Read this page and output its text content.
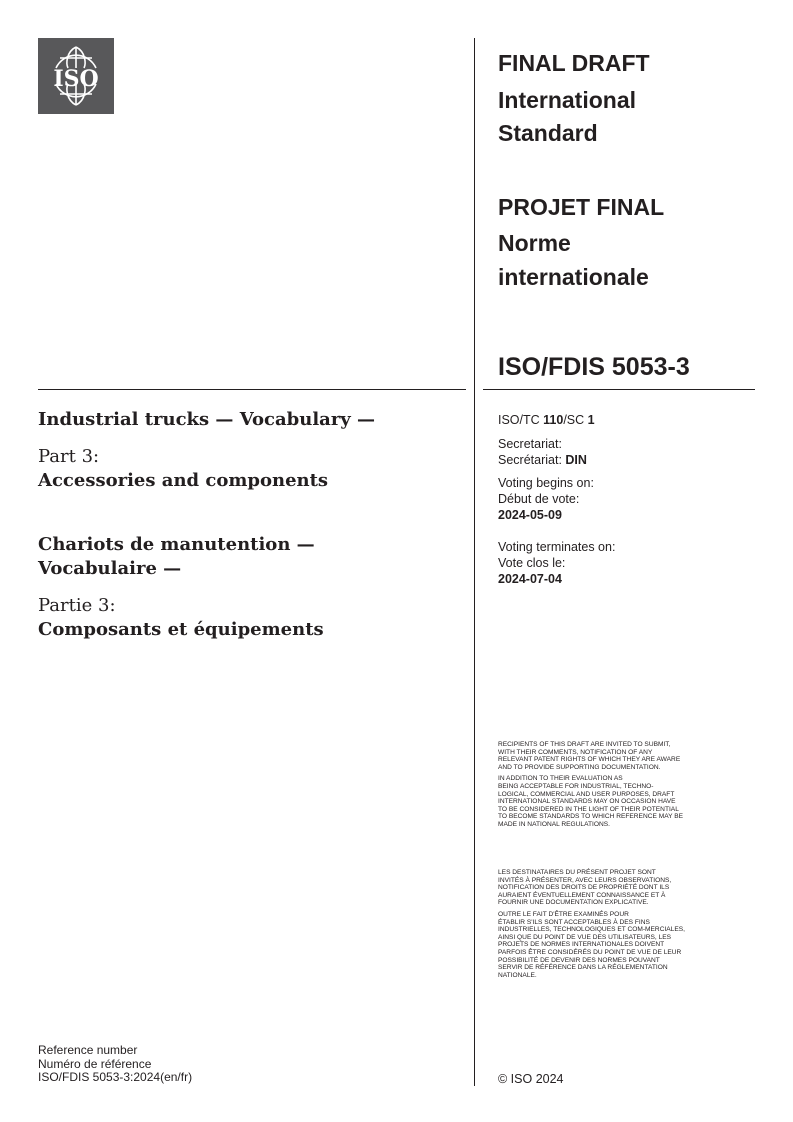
ISO
FINAL DRAFT
International
Standard
PROJET FINAL
Norme
internationale
ISO/FDIS 5053-3
Industrial trucks — Vocabulary —
Part 3:
Accessories and components
Chariots de manutention —
Vocabulaire —
Partie 3:
Composants et équipements
ISO/TC 110/SC 1
Secretariat:
Secrétariat: DIN
Voting begins on:
Début de vote:
2024-05-09
Voting terminates on:
Vote clos le:
2024-07-04

RECIPIENTS OF THIS DRAFT ARE INVITED TO SUBMIT,
WITH THEIR COMMENTS, NOTIFICATION OF ANY
RELEVANT PATENT RIGHTS OF WHICH THEY ARE AWARE
AND TO PROVIDE SUPPORTING DOCUMENTATION.

IN ADDITION TO THEIR EVALUATION AS
BEING ACCEPTABLE FOR INDUSTRIAL, TECHNO-
LOGICAL, COMMERCIAL AND USER PURPOSES, DRAFT
INTERNATIONAL STANDARDS MAY ON OCCASION HAVE
TO BE CONSIDERED IN THE LIGHT OF THEIR POTENTIAL
TO BECOME STANDARDS TO WHICH REFERENCE MAY BE
MADE IN NATIONAL REGULATIONS.

LES DESTINATAIRES DU PRÉSENT PROJET SONT
INVITÉS À PRÉSENTER, AVEC LEURS OBSERVATIONS,
NOTIFICATION DES DROITS DE PROPRIÉTÉ DONT ILS
AURAIENT ÉVENTUELLEMENT CONNAISSANCE ET À
FOURNIR UNE DOCUMENTATION EXPLICATIVE.

OUTRE LE FAIT D'ÊTRE EXAMINÉS POUR
ÉTABLIR S'ILS SONT ACCEPTABLES À DES FINS
INDUSTRIELLES, TECHNOLOGIQUES ET COM-MERCIALES,
AINSI QUE DU POINT DE VUE DES UTILISATEURS, LES
PROJETS DE NORMES INTERNATIONALES DOIVENT
PARFOIS ÊTRE CONSIDÉRÉS DU POINT DE VUE DE LEUR
POSSIBILITÉ DE DEVENIR DES NORMES POUVANT
SERVIR DE RÉFÉRENCE DANS LA RÉGLEMENTATION
NATIONALE.

Reference number
Numéro de référence
ISO/FDIS 5053-3:2024(en/fr)	© ISO 2024
